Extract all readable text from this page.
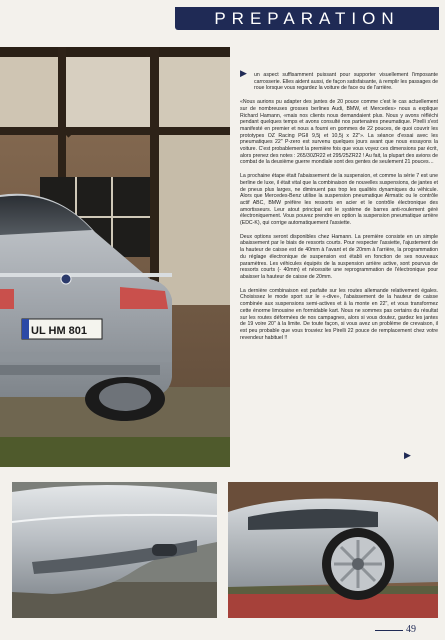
PREPARATION
UL HM 801
▶	un aspect suffisamment puissant pour supporter visuellement l'imposante carrosserie. Elles aident aussi, de façon satisfaisante, à remplir les passages de roue lorsque vous regardez la voiture de face ou de l'arrière.

«Nous aurions pu adapter des jantes de 20 pouce comme c'est le cas actuellement sur de nombreuses grosses berlines Audi, BMW, et Mercedes» nous a explique Richard Hamann, «mais nos clients nous demandaient plus. Nous y avons réfléchi pendant quelques temps et avons consulté nos partenaires pneumatique. Pirelli s'est manifesté en premier et nous a fourni en gommes de 22 pouces, de quoi couvrir les prototypes OZ Racing PGII 9,5j et 10,5j x 22"». La séance d'essai avec les pneumatiques 22" P-zero est survenu quelques jours avant que nous essayons la voiture. C'est probablement la première fois que vous voyez ces dimensions par écrit, alors prenez des notes : 265/30ZR22 et 295/25ZR22 ! Au fait, la plupart des avions de combat de la deuxième guerre mondiale sont des gentes de seulement 21 pouces…

La prochaine étape était l'abaissement de la suspension, et comme la série 7 est une berline de luxe, il était vital que la combinaison de nouvelles suspensions, de jantes et de pneus plus larges, ne diminuent pas trop les qualités dynamiques du véhicule. Alors que Mercedes-Benz utilise la suspension pneumatique Airmatic ou le contrôle actif ABC, BMW préfère les ressorts en acier et le contrôle électronique des amortisseurs. Leur atout principal est le système de barres anti-roulement géré électroniquement. Vous pouvez prendre en option la suspension pneumatique arrière (EDC-K), qui corrige automatiquement l'assiette.

Deux options seront disponibles chez Hamann. La première consiste en un simple abaissement par le biais de ressorts courts. Pour respecter l'assiette, l'ajustement de la hauteur de caisse est de 40mm à l'avant et de 20mm à l'arrière, la programmation du réglage électronique de suspension est établi en fonction de ses nouveaux paramètres. Les véhicules équipés de la suspension arrière active, sont pourvus de ressorts courts (- 40mm) et nécessite une reprogrammation de l'électronique pour abaisser la hauteur de caisse de 20mm.

La dernière combinaison est parfaite sur les routes allemande relativement égales. Choisissez le mode sport sur le «-dive», l'abaissement de la hauteur de caisse combinée aux suspensions semi-actives et à la monte en 22", et vous transformez cette énorme limousine en formidable kart. Nous ne sommes pas certains du résultat sur les routes déformées de nos campagnes, alors si vous doutez, gardez les jantes de 19 voire 20" à la limite. De toute façon, si vous avez un problème de crevaison, il est peu probable que vous trouviez les Pirelli 22 pouce de remplacement chez votre revendeur habituel !!

▶
49
